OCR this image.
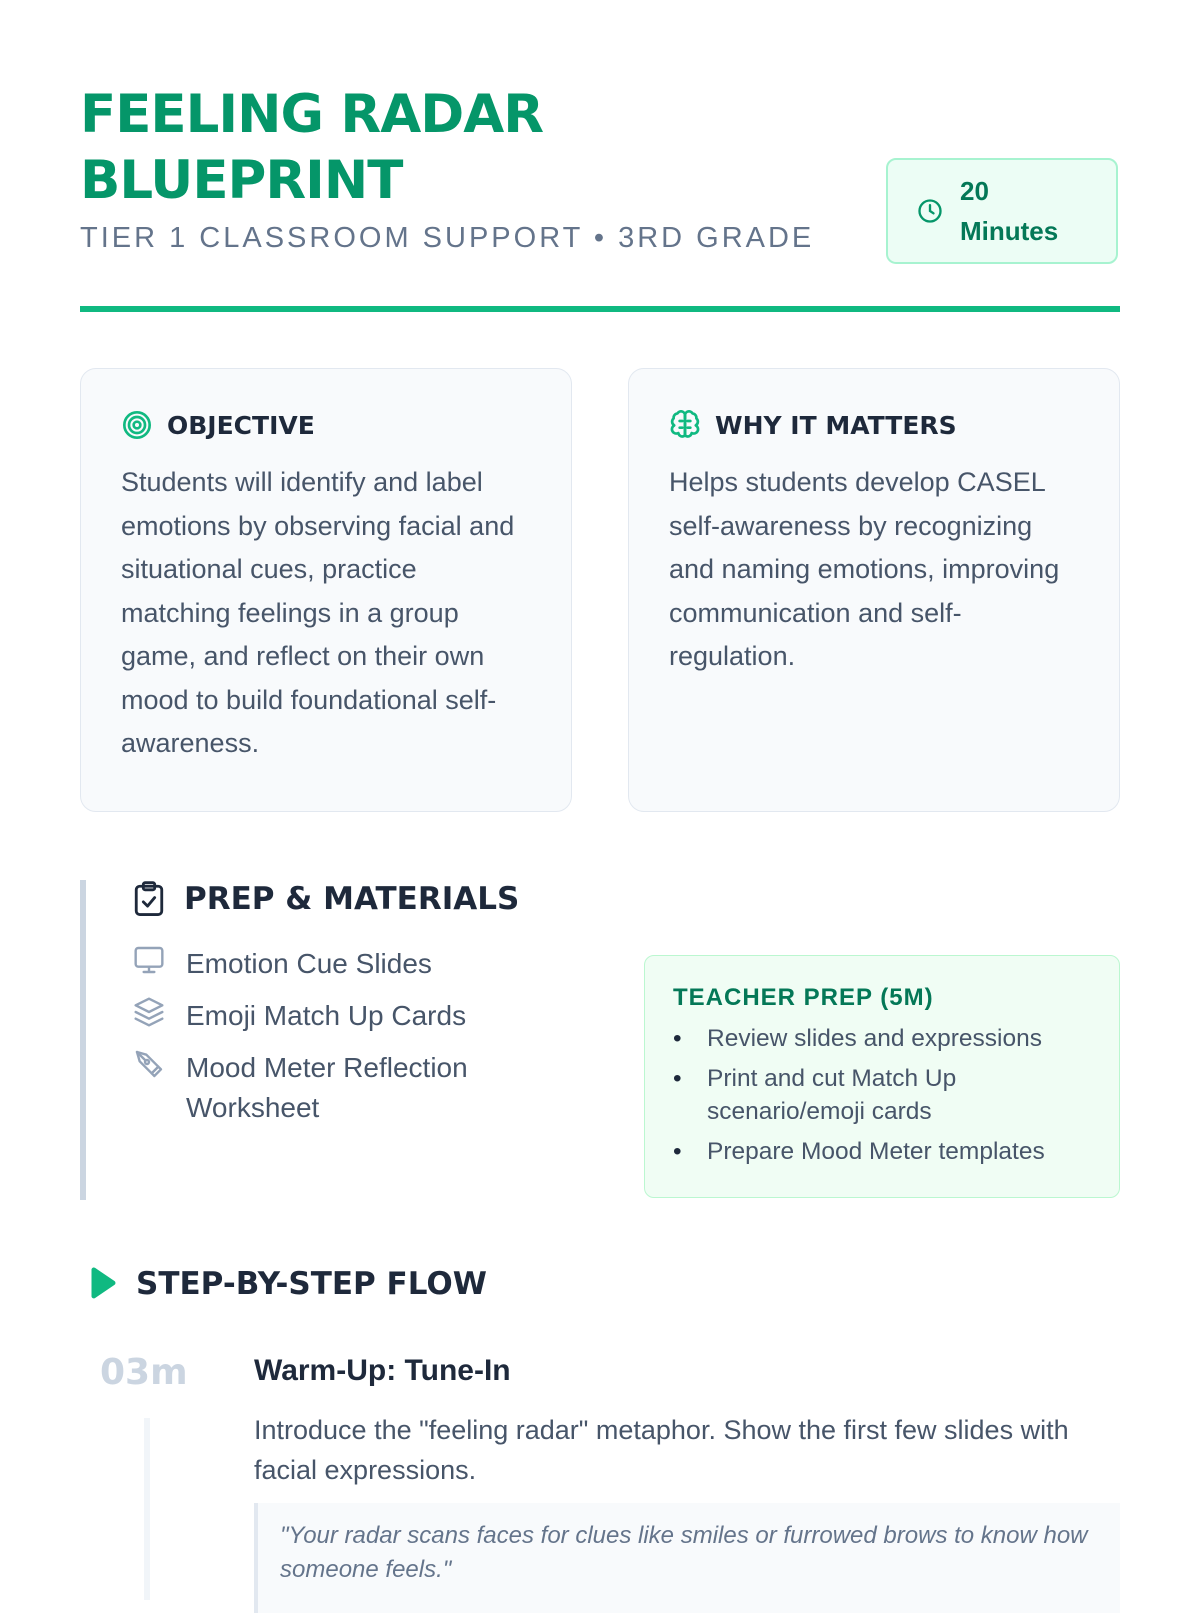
FEELING RADAR BLUEPRINT
TIER 1 CLASSROOM SUPPORT • 3RD GRADE
20
Minutes
OBJECTIVE
Students will identify and label emotions by observing facial and situational cues, practice matching feelings in a group game, and reflect on their own mood to build foundational self-awareness.
WHY IT MATTERS
Helps students develop CASEL self-awareness by recognizing and naming emotions, improving communication and self-regulation.
PREP & MATERIALS
Emotion Cue Slides
Emoji Match Up Cards
Mood Meter Reflection Worksheet
TEACHER PREP (5M)
• Review slides and expressions
• Print and cut Match Up scenario/emoji cards
• Prepare Mood Meter templates
STEP-BY-STEP FLOW
03m Warm-Up: Tune-In
Introduce the "feeling radar" metaphor. Show the first few slides with facial expressions.
"Your radar scans faces for clues like smiles or furrowed brows to know how someone feels."
